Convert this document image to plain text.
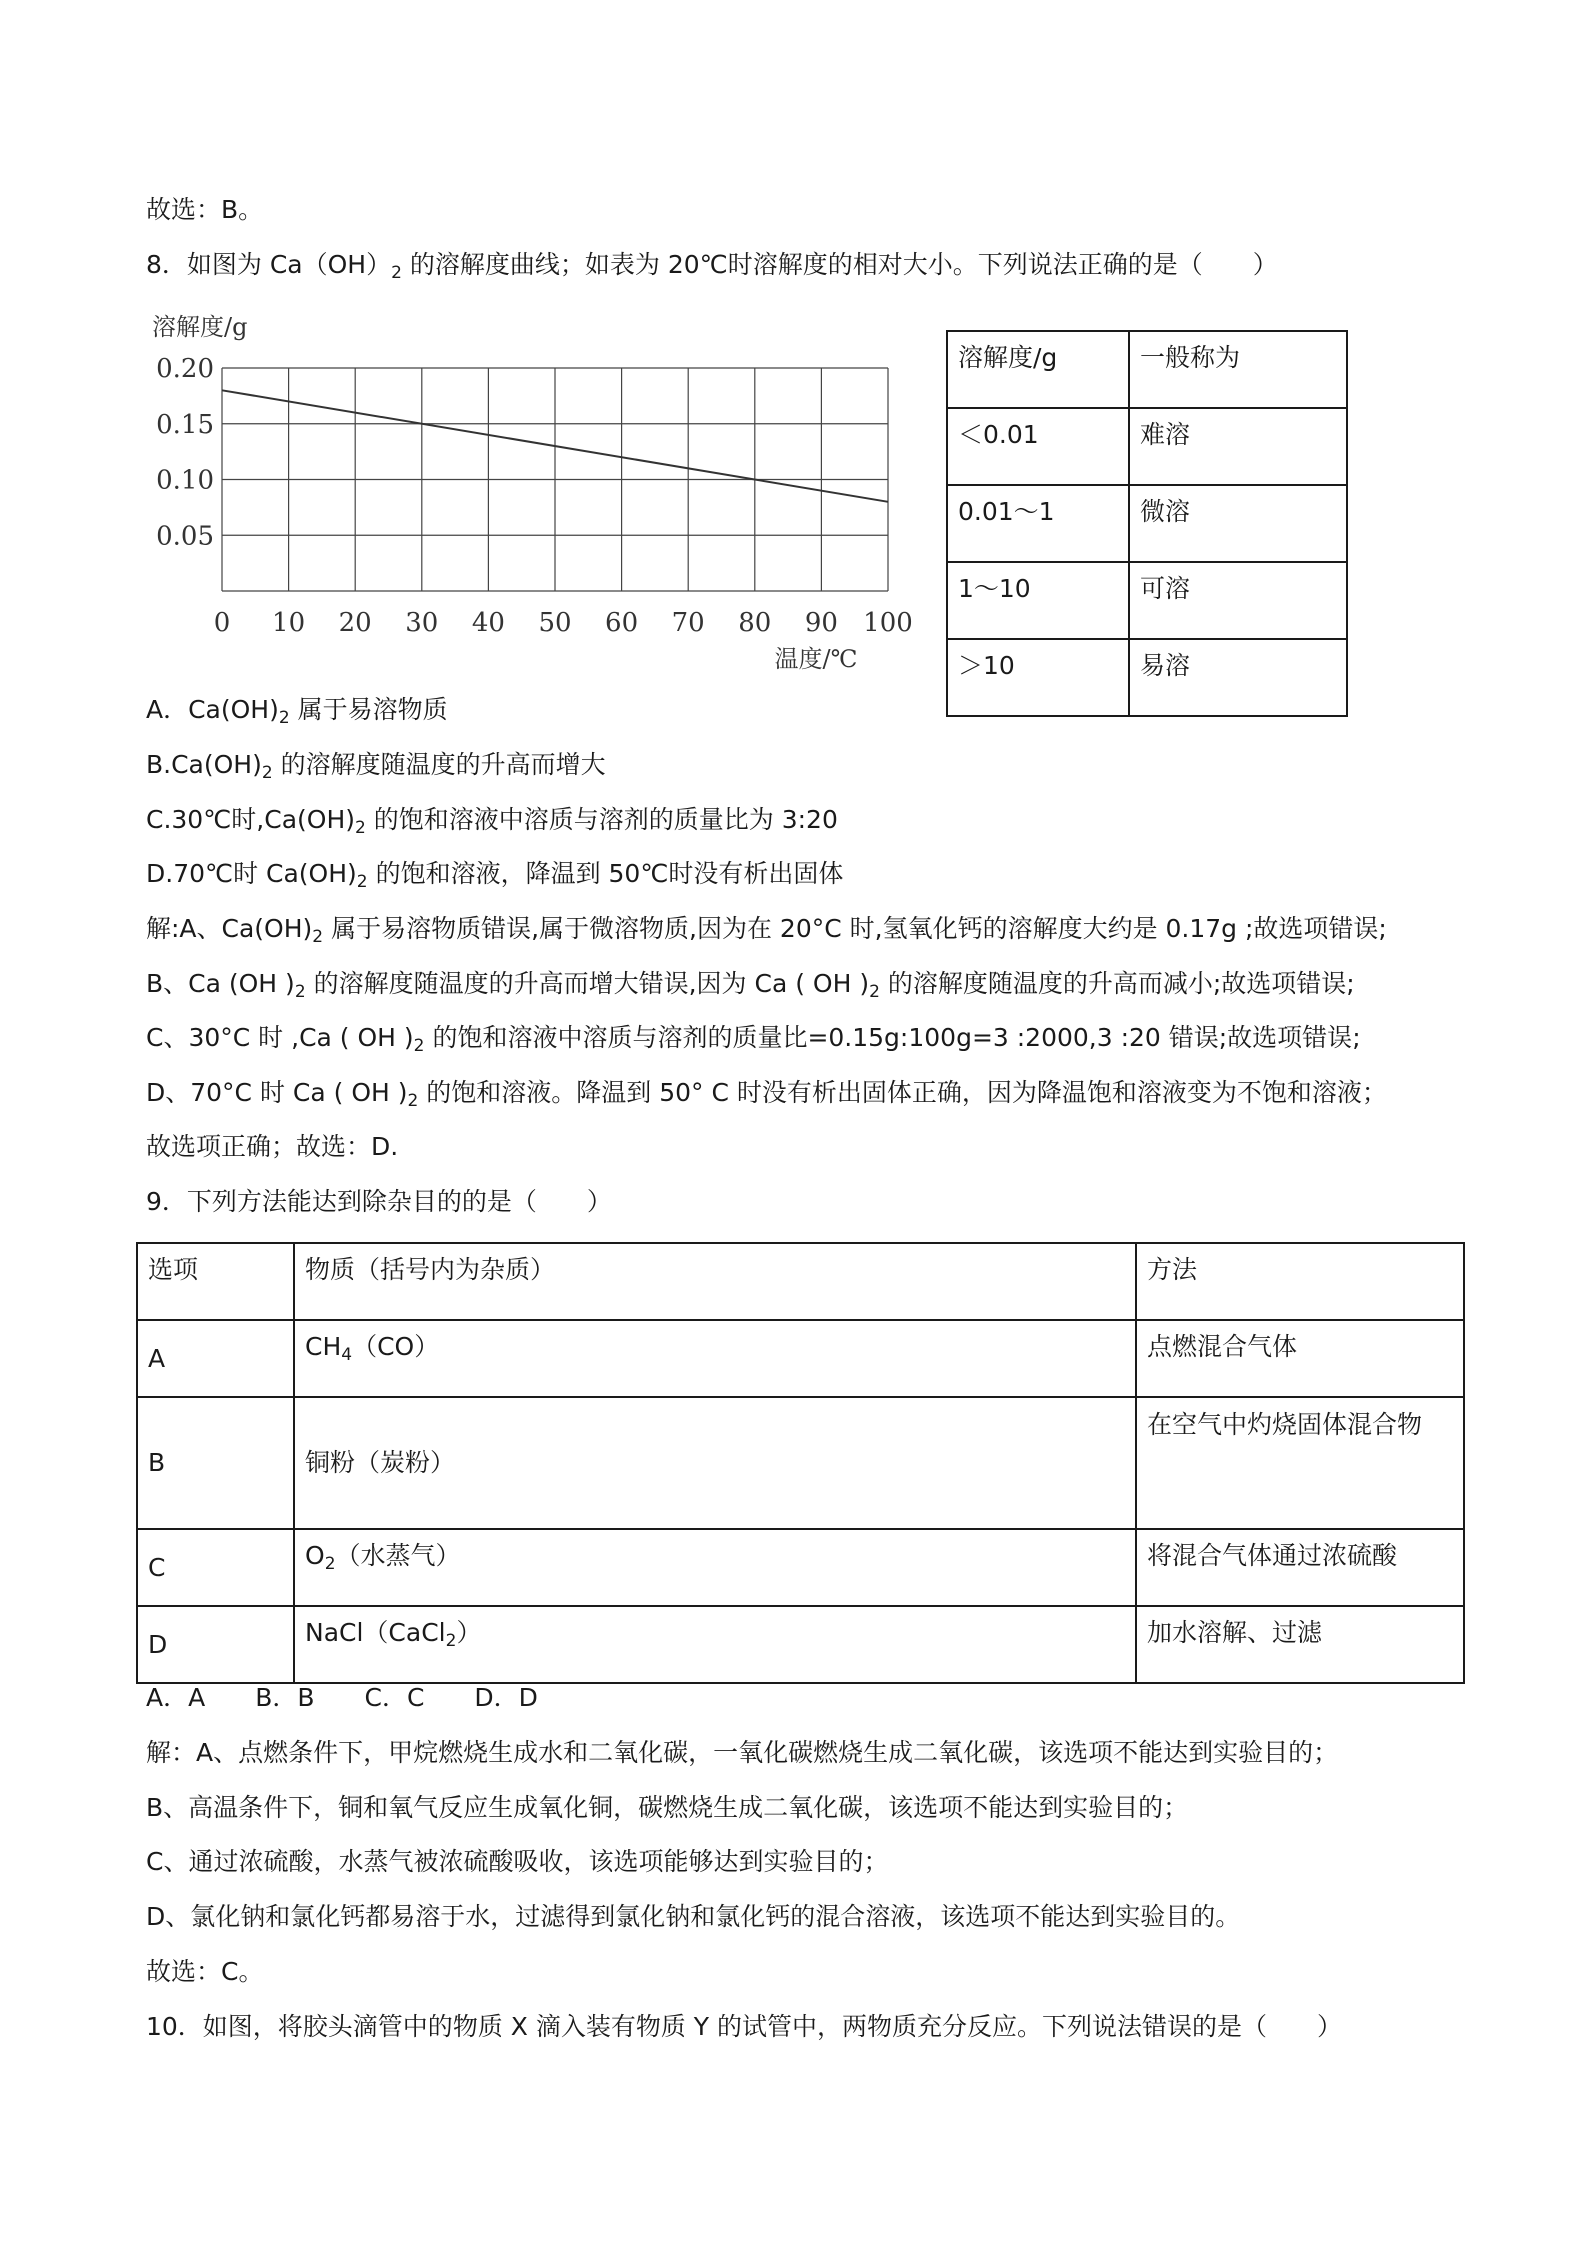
故选：B。
8．如图为 $Ca(OH)_2$ 的溶解度曲线；如表为 20℃时溶解度的相对大小。下列说法正确的是（　　）
溶解度/g
温度/℃
0.05
0.10
0.15
0.20
0 10 20 30 40 50 60 70 80 90 100
溶解度/g	一般称为
＜0.01	难溶
0.01～1	微溶
1～10	可溶
＞10	易溶
A．$Ca(OH)_2$ 属于易溶物质
$B.Ca(OH)_2$ 的溶解度随温度的升高而增大
C.30℃时$,Ca(OH)_2$ 的饱和溶液中溶质与溶剂的质量比为 3:20
D.70℃时 $Ca(OH)_2$ 的饱和溶液，降温到 50℃时没有析出固体
解:A、$Ca(OH)_2$ 属于易溶物质错误,属于微溶物质,因为在 20°C 时,氢氧化钙的溶解度大约是 0.17g ;故选项错误;
B、Ca (OH )$_2$ 的溶解度随温度的升高而增大错误,因为 Ca ( OH )$_2$ 的溶解度随温度的升高而减小;故选项错误;
C、30°C 时 ,Ca ( OH )$_2$ 的饱和溶液中溶质与溶剂的质量比=0.15g:100g=3 :2000,3 :20 错误;故选项错误;
D、70°C 时 Ca ( OH )$_2$ 的饱和溶液。降温到 50° C 时没有析出固体正确，因为降温饱和溶液变为不饱和溶液；
故选项正确；故选：D.
9．下列方法能达到除杂目的的是（　　）
选项	物质（括号内为杂质）	方法
A	$CH_4(CO)$	点燃混合气体
B	铜粉（炭粉）	在空气中灼烧固体混合物
C	$O_2$（水蒸气）	将混合气体通过浓硫酸
D	NaCl（CaCl$_2$）	加水溶解、过滤
A．A　　B．B　　C．C　　D．D
解：A、点燃条件下，甲烷燃烧生成水和二氧化碳，一氧化碳燃烧生成二氧化碳，该选项不能达到实验目的；
B、高温条件下，铜和氧气反应生成氧化铜，碳燃烧生成二氧化碳，该选项不能达到实验目的；
C、通过浓硫酸，水蒸气被浓硫酸吸收，该选项能够达到实验目的；
D、氯化钠和氯化钙都易溶于水，过滤得到氯化钠和氯化钙的混合溶液，该选项不能达到实验目的。
故选：C。
10．如图，将胶头滴管中的物质 X 滴入装有物质 Y 的试管中，两物质充分反应。下列说法错误的是（　　）
